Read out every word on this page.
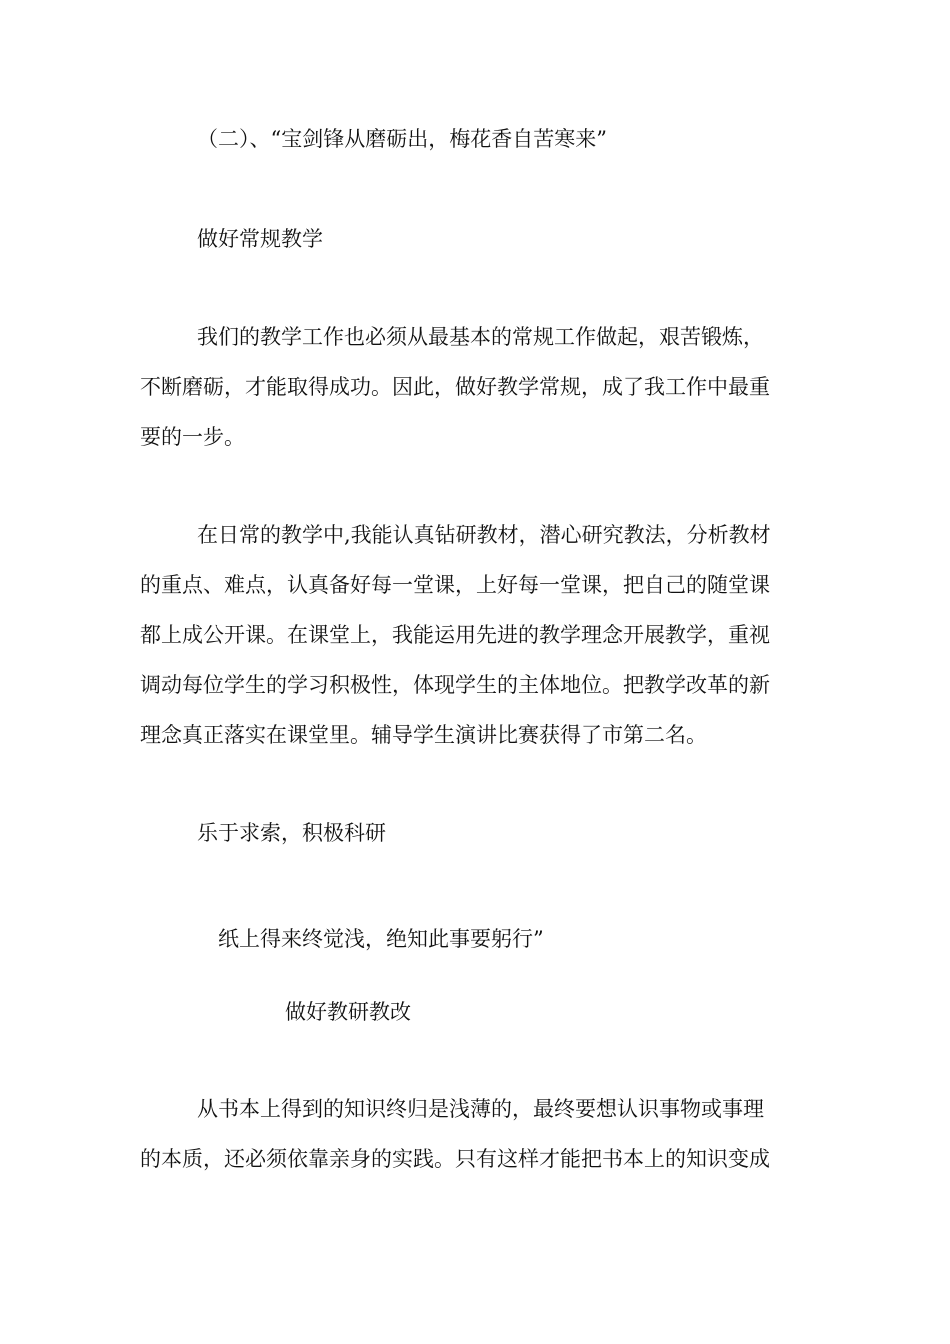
（二）、“宝剑锋从磨砺出，梅花香自苦寒来”

做好常规教学

我们的教学工作也必须从最基本的常规工作做起，艰苦锻炼，

不断磨砺，才能取得成功。因此，做好教学常规，成了我工作中最重

要的一步。

在日常的教学中,我能认真钻研教材，潜心研究教法，分析教材

的重点、难点，认真备好每一堂课，上好每一堂课，把自己的随堂课

都上成公开课。在课堂上，我能运用先进的教学理念开展教学，重视

调动每位学生的学习积极性，体现学生的主体地位。把教学改革的新

理念真正落实在课堂里。辅导学生演讲比赛获得了市第二名。

乐于求索，积极科研

纸上得来终觉浅，绝知此事要躬行”

做好教研教改

从书本上得到的知识终归是浅薄的，最终要想认识事物或事理

的本质，还必须依靠亲身的实践。只有这样才能把书本上的知识变成
